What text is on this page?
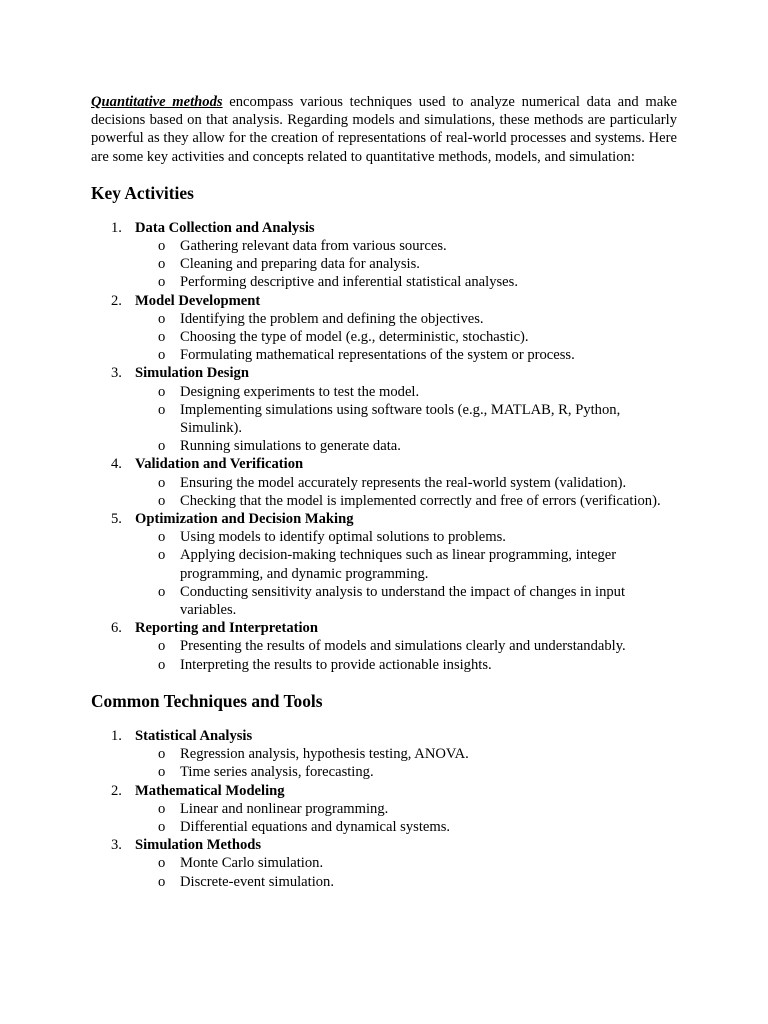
Quantitative methods encompass various techniques used to analyze numerical data and make decisions based on that analysis. Regarding models and simulations, these methods are particularly powerful as they allow for the creation of representations of real-world processes and systems. Here are some key activities and concepts related to quantitative methods, models, and simulation:

Key Activities
1. Data Collection and Analysis
o Gathering relevant data from various sources.
o Cleaning and preparing data for analysis.
o Performing descriptive and inferential statistical analyses.
2. Model Development
o Identifying the problem and defining the objectives.
o Choosing the type of model (e.g., deterministic, stochastic).
o Formulating mathematical representations of the system or process.
3. Simulation Design
o Designing experiments to test the model.
o Implementing simulations using software tools (e.g., MATLAB, R, Python, Simulink).
o Running simulations to generate data.
4. Validation and Verification
o Ensuring the model accurately represents the real-world system (validation).
o Checking that the model is implemented correctly and free of errors (verification).
5. Optimization and Decision Making
o Using models to identify optimal solutions to problems.
o Applying decision-making techniques such as linear programming, integer programming, and dynamic programming.
o Conducting sensitivity analysis to understand the impact of changes in input variables.
6. Reporting and Interpretation
o Presenting the results of models and simulations clearly and understandably.
o Interpreting the results to provide actionable insights.
Common Techniques and Tools
1. Statistical Analysis
o Regression analysis, hypothesis testing, ANOVA.
o Time series analysis, forecasting.
2. Mathematical Modeling
o Linear and nonlinear programming.
o Differential equations and dynamical systems.
3. Simulation Methods
o Monte Carlo simulation.
o Discrete-event simulation.
